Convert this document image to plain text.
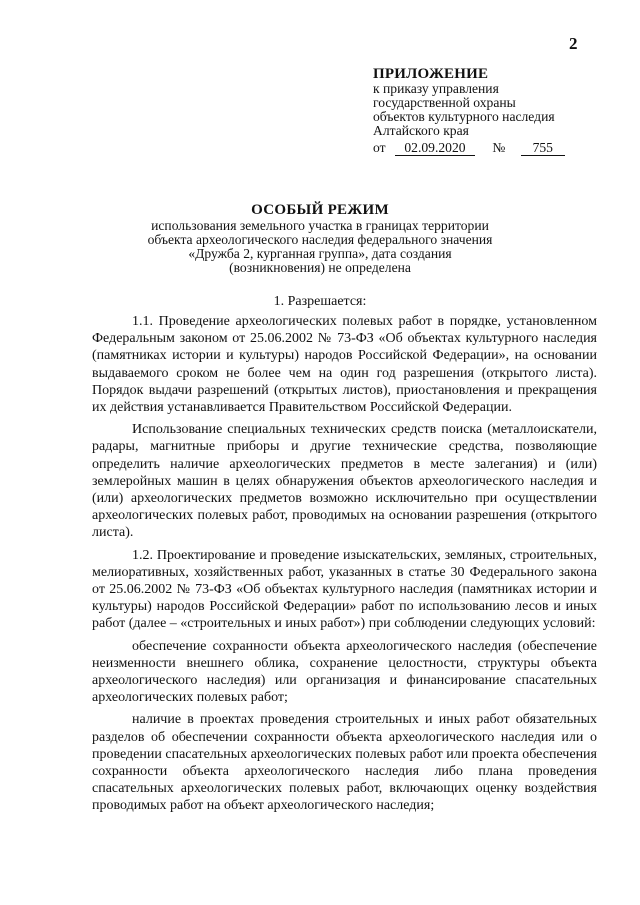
2
ПРИЛОЖЕНИЕ
к приказу управления
государственной охраны
объектов культурного наследия
Алтайского края
от 02.09.2020 № 755
ОСОБЫЙ РЕЖИМ
использования земельного участка в границах территории
объекта археологического наследия федерального значения
«Дружба 2, курганная группа», дата создания
(возникновения) не определена
1. Разрешается:

1.1. Проведение археологических полевых работ в порядке, установленном Федеральным законом от 25.06.2002 № 73-ФЗ «Об объектах культурного наследия (памятниках истории и культуры) народов Российской Федерации», на основании выдаваемого сроком не более чем на один год разрешения (открытого листа). Порядок выдачи разрешений (открытых листов), приостановления и прекращения их действия устанавливается Правительством Российской Федерации.

Использование специальных технических средств поиска (металлоискатели, радары, магнитные приборы и другие технические средства, позволяющие определить наличие археологических предметов в месте залегания) и (или) землеройных машин в целях обнаружения объектов археологического наследия и (или) археологических предметов возможно исключительно при осуществлении археологических полевых работ, проводимых на основании разрешения (открытого листа).

1.2. Проектирование и проведение изыскательских, земляных, строительных, мелиоративных, хозяйственных работ, указанных в статье 30 Федерального закона от 25.06.2002 № 73-ФЗ «Об объектах культурного наследия (памятниках истории и культуры) народов Российской Федерации» работ по использованию лесов и иных работ (далее – «строительных и иных работ») при соблюдении следующих условий:

обеспечение сохранности объекта археологического наследия (обеспечение неизменности внешнего облика, сохранение целостности, структуры объекта археологического наследия) или организация и финансирование спасательных археологических полевых работ;

наличие в проектах проведения строительных и иных работ обязательных разделов об обеспечении сохранности объекта археологического наследия или о проведении спасательных археологических полевых работ или проекта обеспечения сохранности объекта археологического наследия либо плана проведения спасательных археологических полевых работ, включающих оценку воздействия проводимых работ на объект археологического наследия;
